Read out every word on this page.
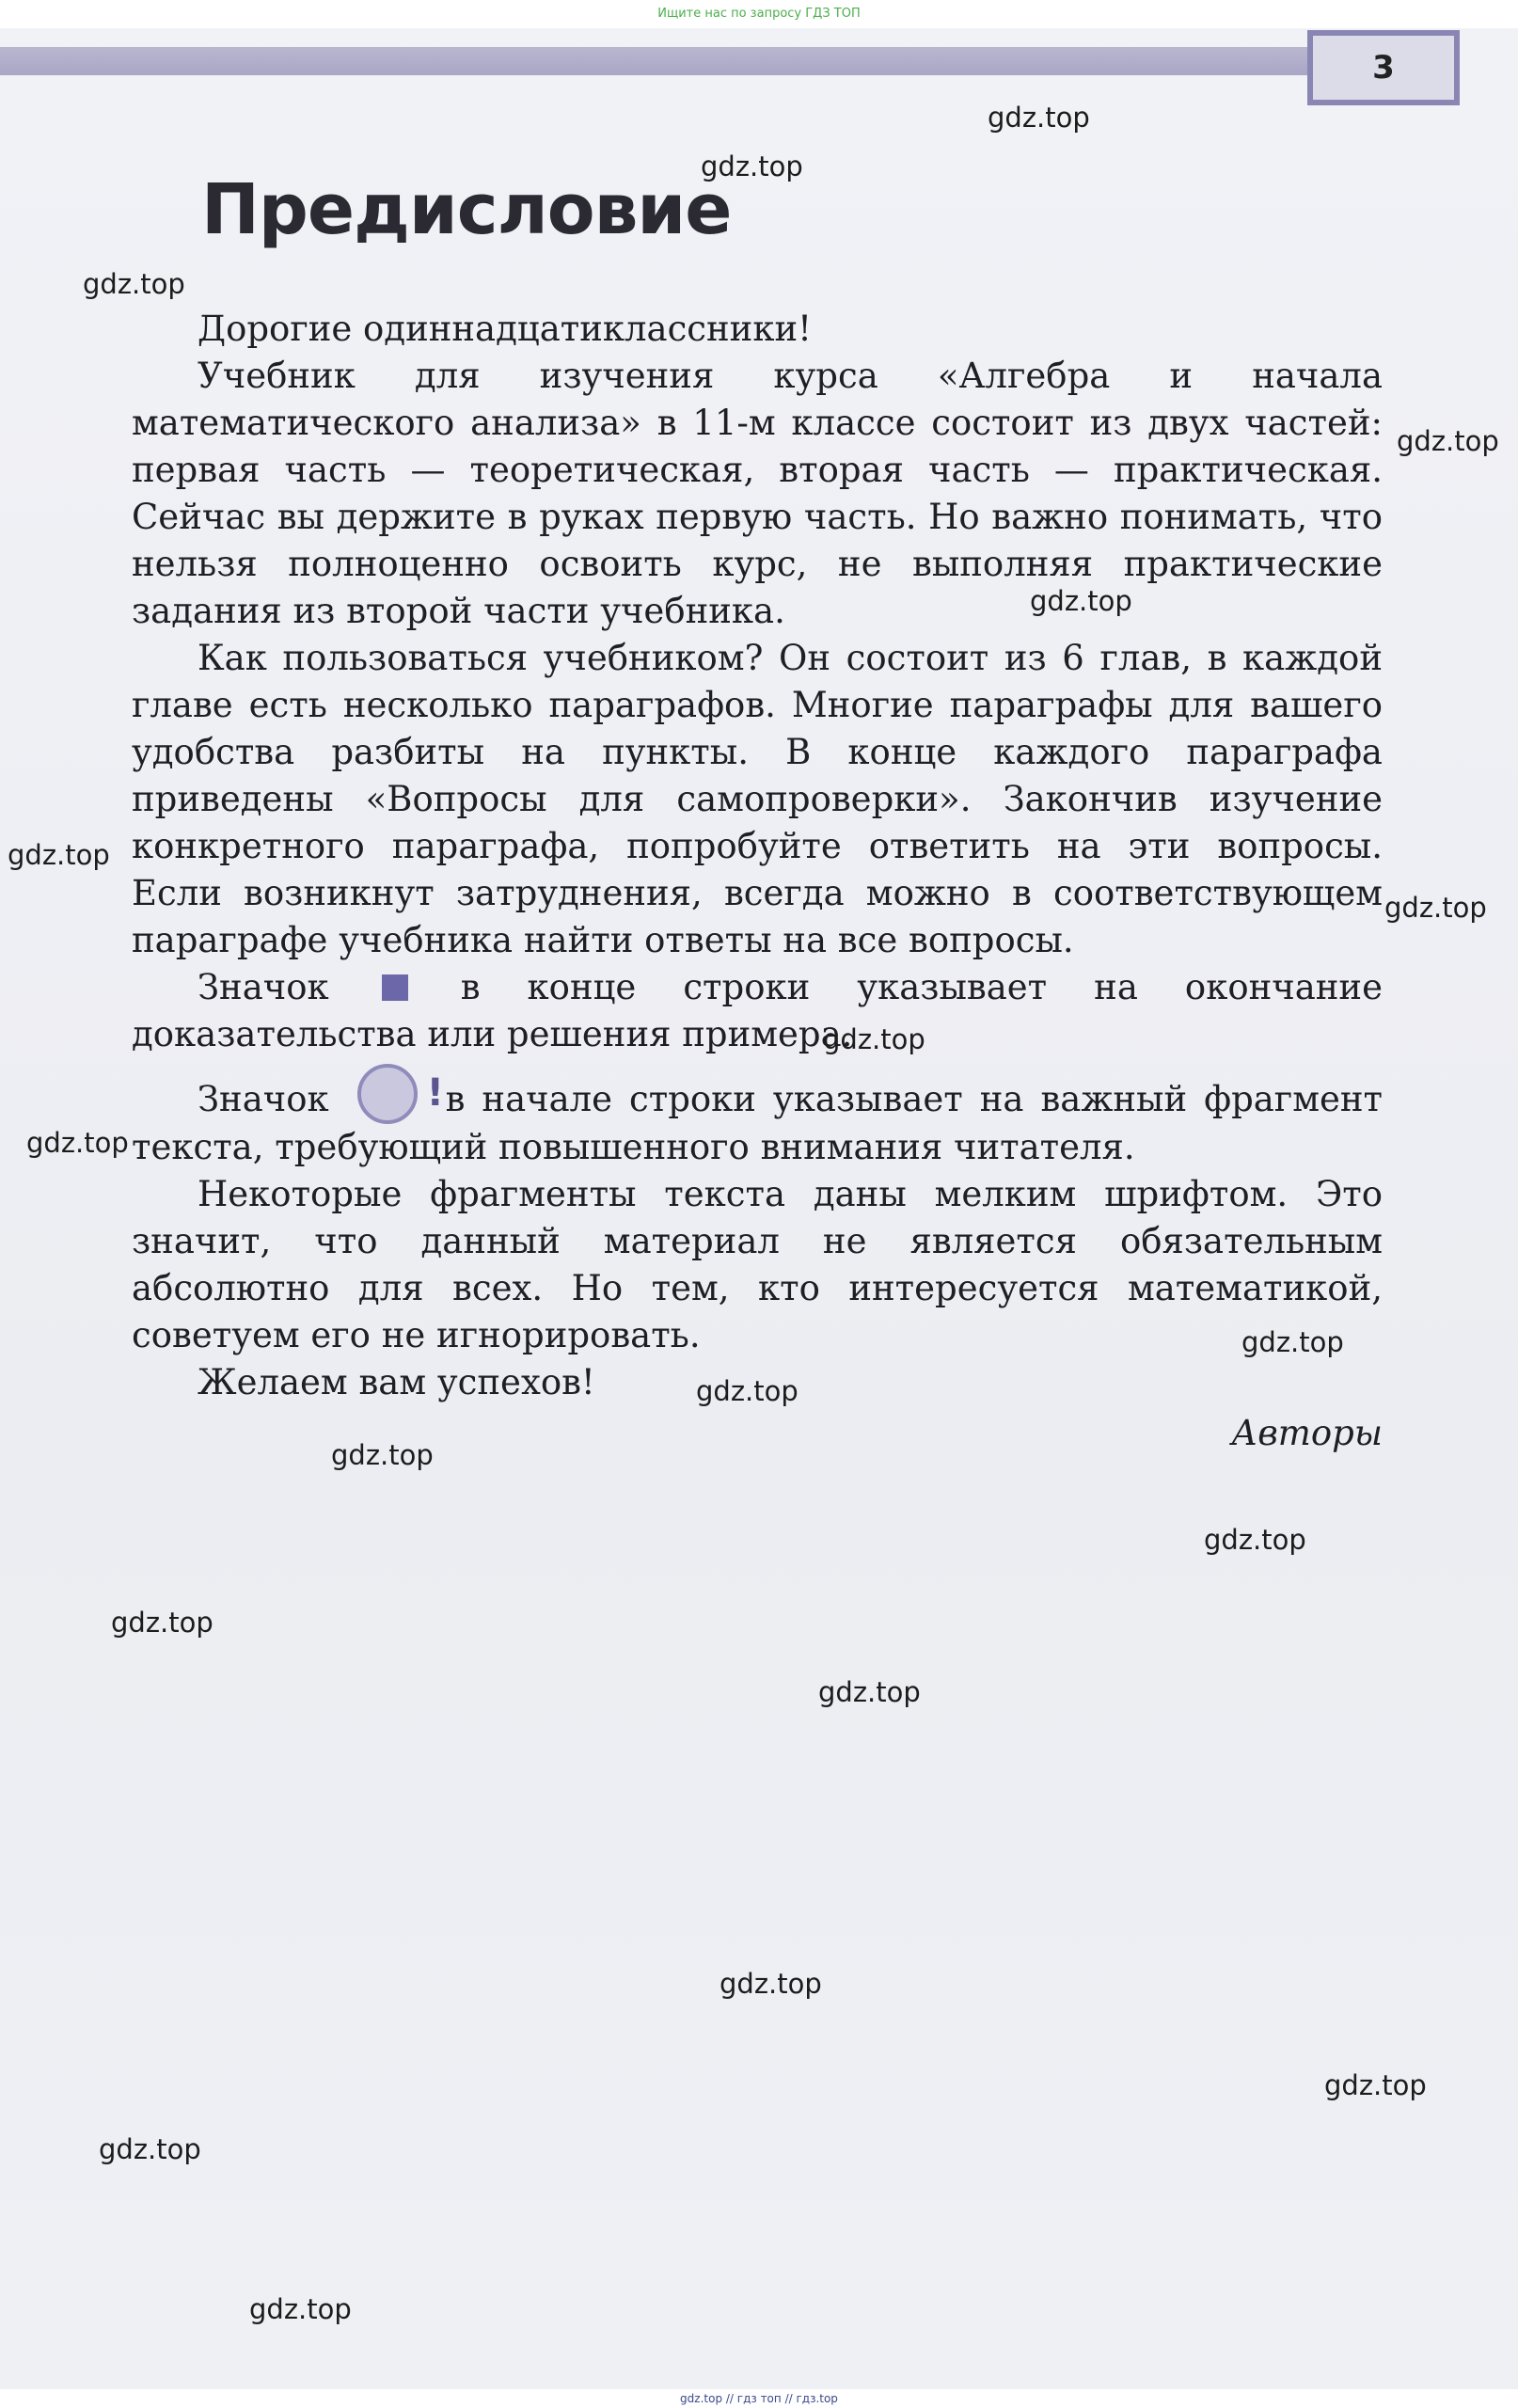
Ищите нас по запросу ГДЗ ТОП
3
Предисловие

Дорогие одиннадцатиклассники!

Учебник для изучения курса «Алгебра и начала математического анализа» в 11-м классе состоит из двух частей: первая часть — теоретическая, вторая часть — практическая. Сейчас вы держите в руках первую часть. Но важно понимать, что нельзя полноценно освоить курс, не выполняя практические задания из второй части учебника.

Как пользоваться учебником? Он состоит из 6 глав, в каждой главе есть несколько параграфов. Многие параграфы для вашего удобства разбиты на пункты. В конце каждого параграфа приведены «Вопросы для самопроверки». Закончив изучение конкретного параграфа, попробуйте ответить на эти вопросы. Если возникнут затруднения, всегда можно в соответствующем параграфе учебника найти ответы на все вопросы.

Значок	в конце строки указывает на окончание доказательства или решения примера.

Значок !	в начале строки указывает на важный фрагмент текста, требующий повышенного внимания читателя.

Некоторые фрагменты текста даны мелким шрифтом. Это значит, что данный материал не является обязательным абсолютно для всех. Но тем, кто интересуется математикой, советуем его не игнорировать.

Желаем вам успехов!

Авторы

gdz.top
gdz.top
gdz.top
gdz.top
gdz.top
gdz.top
gdz.top
gdz.top
gdz.top
gdz.top
gdz.top
gdz.top
gdz.top
gdz.top
gdz.top
gdz.top
gdz.top
gdz.top
gdz.top
gdz.top // гдз топ // гдз.top
